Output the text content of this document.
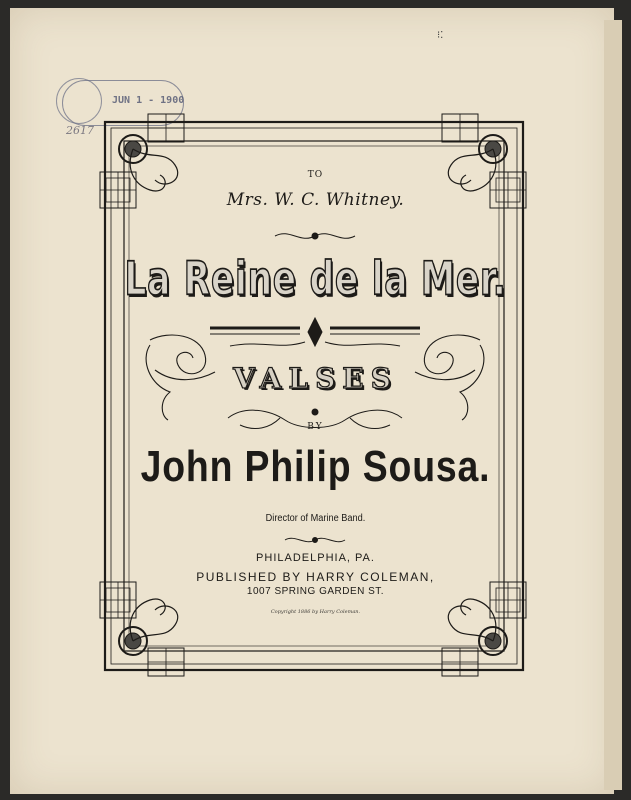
JUN 1 - 1900
2617
⁝⁚
TO
Mrs. W. C. Whitney.
La Reine de la Mer.
VALSES
BY
John Philip Sousa.
Director of Marine Band.
PHILADELPHIA, PA.
PUBLISHED BY HARRY COLEMAN,
1007 SPRING GARDEN ST.
Copyright 1886 by Harry Coleman.
